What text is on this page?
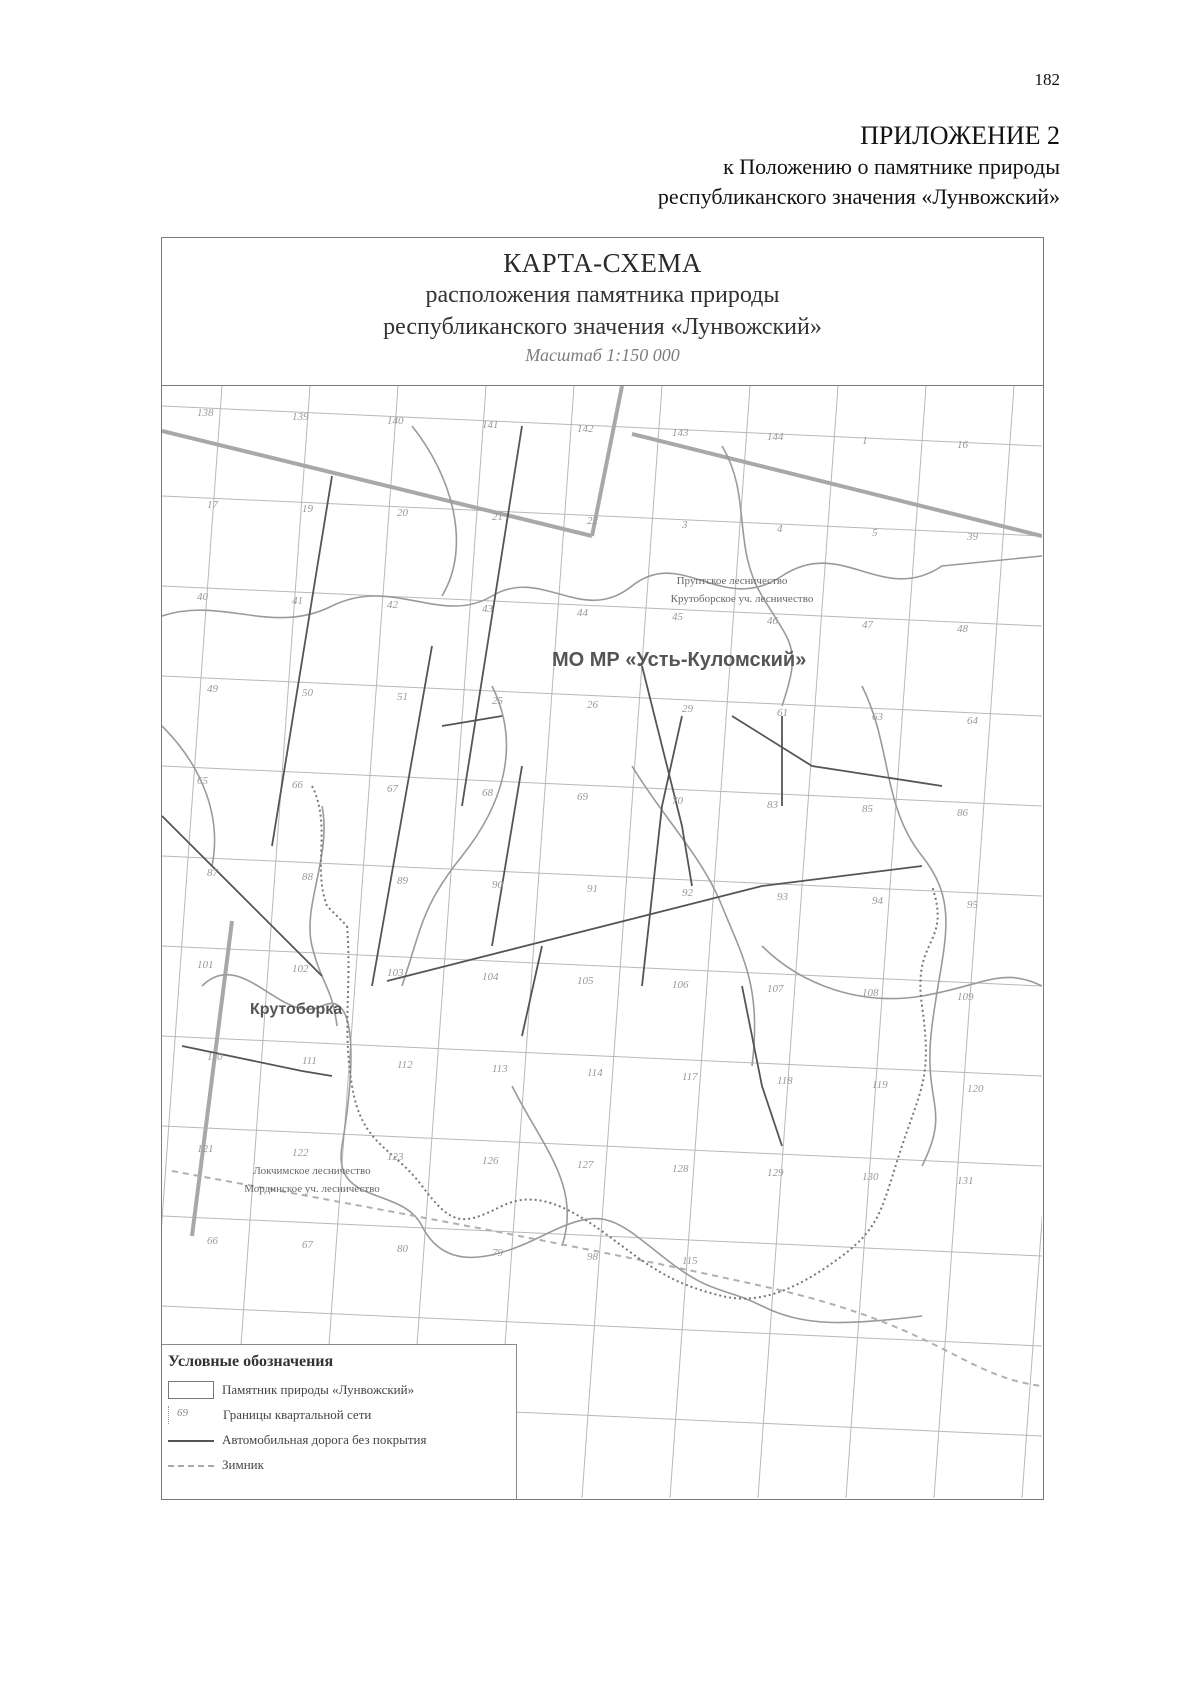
182
ПРИЛОЖЕНИЕ 2
к Положению о памятнике природы
республиканского значения «Лунвожский»
КАРТА-СХЕМА
расположения памятника природы
республиканского значения «Лунвожский»
Масштаб 1:150 000
138	139	140	141	142	143	144	1	16
17	19	20	21	22	3	4	5	39
40	41	42	43	44	45	46	47	48
49	50	51	25	26	29	61	63	64
65	66	67	68	69	70	83	85	86
87	88	89	90	91	92	93	94	95
101	102	103	104	105	106	107	108	109
110	111	112	113	114	117	118	119	120
121	122	123	126	127	128	129	130	131
66	67	80	79	98	115
МО МР «Усть-Куломский»
Крутоборка
Пруптское лесничество
Крутоборское уч. лесничество
Локчимское лесничество
Мординское уч. лесничество
Условные обозначения
Памятник природы «Лунвожский»
69	Границы квартальной сети
Автомобильная дорога без покрытия
Зимник
